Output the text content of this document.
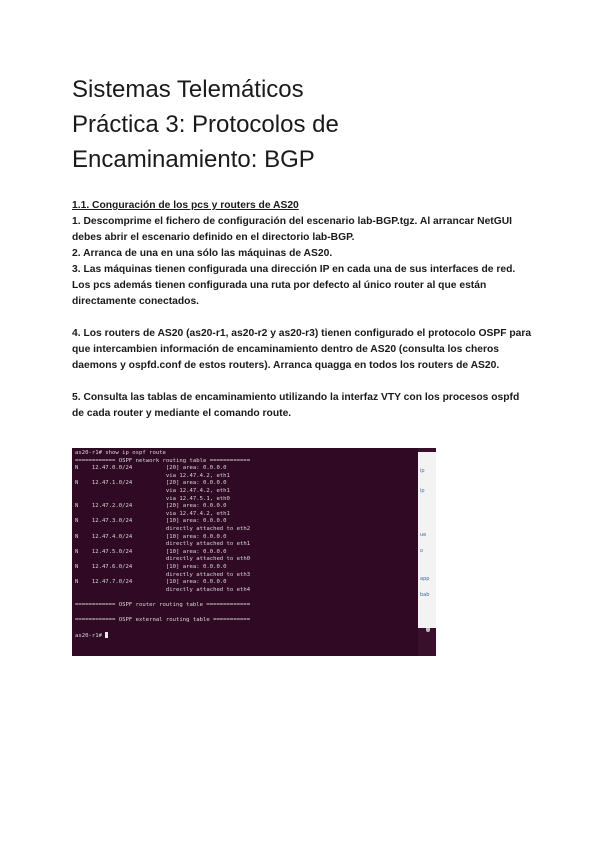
Sistemas Telemáticos
Práctica 3: Protocolos de
Encaminamiento: BGP

1.1. Conguración de los pcs y routers de AS20

1. Descomprime el fichero de configuración del escenario lab-BGP.tgz. Al arrancar NetGUI debes abrir el escenario definido en el directorio lab-BGP.

2. Arranca de una en una sólo las máquinas de AS20.

3. Las máquinas tienen configurada una dirección IP en cada una de sus interfaces de red. Los pcs además tienen configurada una ruta por defecto al único router al que están directamente conectados.

4. Los routers de AS20 (as20-r1, as20-r2 y as20-r3) tienen configurado el protocolo OSPF para que intercambien información de encaminamiento dentro de AS20 (consulta los cheros daemons y ospfd.conf de estos routers). Arranca quagga en todos los routers de AS20.

5. Consulta las tablas de encaminamiento utilizando la interfaz VTY con los procesos ospfd de cada router y mediante el comando route.

as20-r1# show ip ospf route
============ OSPF network routing table ============
N    12.47.0.0/24          [20] area: 0.0.0.0
via 12.47.4.2, eth1
N    12.47.1.0/24          [20] area: 0.0.0.0
via 12.47.4.2, eth1
via 12.47.5.1, eth0
N    12.47.2.0/24          [20] area: 0.0.0.0
via 12.47.4.2, eth1
N    12.47.3.0/24          [10] area: 0.0.0.0
directly attached to eth2
N    12.47.4.0/24          [10] area: 0.0.0.0
directly attached to eth1
N    12.47.5.0/24          [10] area: 0.0.0.0
directly attached to eth0
N    12.47.6.0/24          [10] area: 0.0.0.0
directly attached to eth3
N    12.47.7.0/24          [10] area: 0.0.0.0
directly attached to eth4
============ OSPF router routing table =============
============ OSPF external routing table ===========
as20-r1#
ip
ip
ue
o
app
bab
